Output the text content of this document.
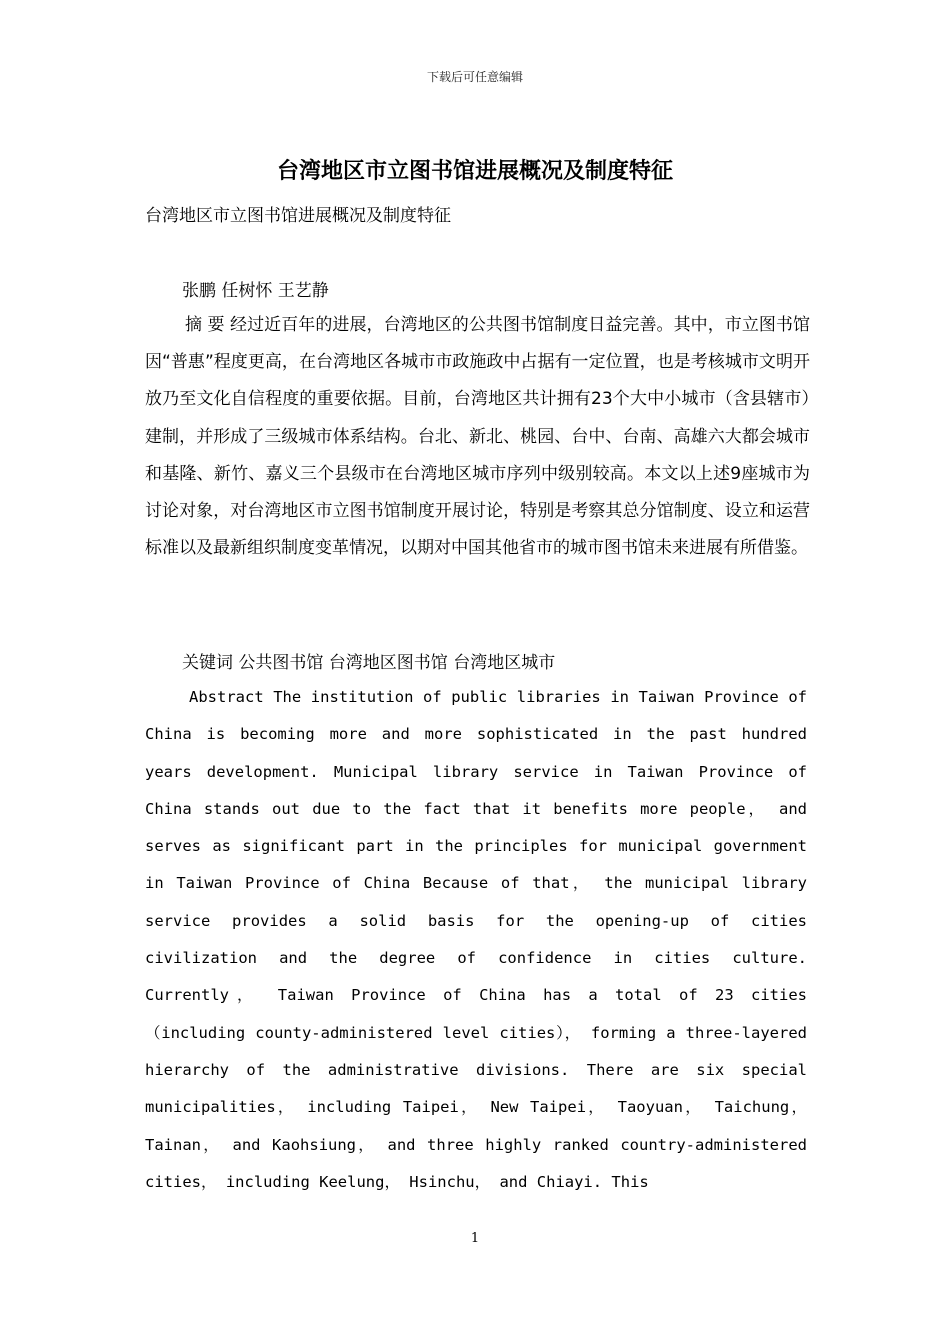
下载后可任意编辑
台湾地区市立图书馆进展概况及制度特征
台湾地区市立图书馆进展概况及制度特征
张鹏 任树怀 王艺静

摘 要 经过近百年的进展，台湾地区的公共图书馆制度日益完善。其中，市立图书馆因“普惠”程度更高，在台湾地区各城市市政施政中占据有一定位置，也是考核城市文明开放乃至文化自信程度的重要依据。目前，台湾地区共计拥有23个大中小城市（含县辖市）建制，并形成了三级城市体系结构。台北、新北、桃园、台中、台南、高雄六大都会城市和基隆、新竹、嘉义三个县级市在台湾地区城市序列中级别较高。本文以上述9座城市为讨论对象，对台湾地区市立图书馆制度开展讨论，特别是考察其总分馆制度、设立和运营标准以及最新组织制度变革情况，以期对中国其他省市的城市图书馆未来进展有所借鉴。

关键词 公共图书馆 台湾地区图书馆 台湾地区城市

Abstract The institution of public libraries in Taiwan Province of China is becoming more and more sophisticated in the past hundred years development. Municipal library service in Taiwan Province of China stands out due to the fact that it benefits more people， and serves as significant part in the principles for municipal government in Taiwan Province of China Because of that， the municipal library service provides a solid basis for the opening-up of cities civilization and the degree of confidence in cities culture. Currently， Taiwan Province of China has a total of 23 cities （including county-administered level cities）， forming a three-layered hierarchy of the administrative divisions. There are six special municipalities， including Taipei， New Taipei， Taoyuan， Taichung， Tainan， and Kaohsiung， and three highly ranked country-administered cities， including Keelung， Hsinchu， and Chiayi. This

1
